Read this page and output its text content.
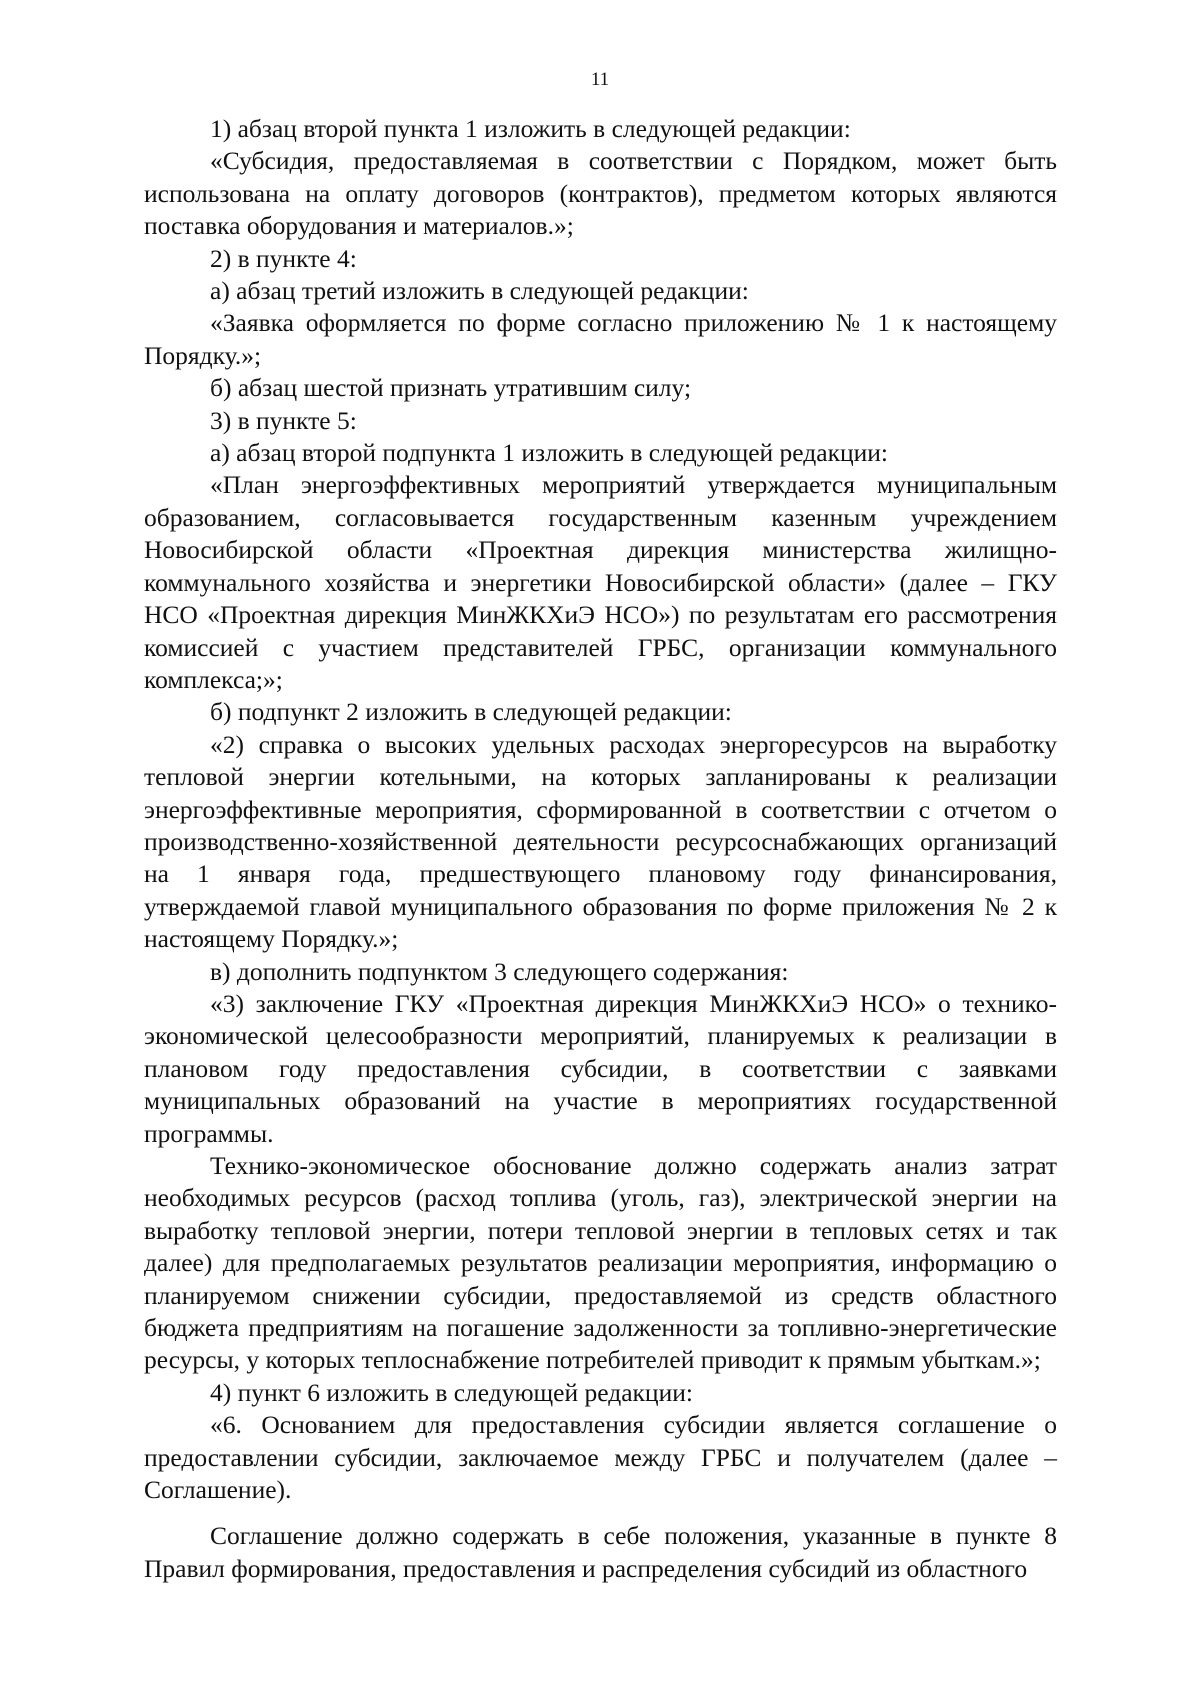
11

1) абзац второй пункта 1 изложить в следующей редакции:

«Субсидия, предоставляемая в соответствии с Порядком, может быть использована на оплату договоров (контрактов), предметом которых являются поставка оборудования и материалов.»;

2) в пункте 4:

а) абзац третий изложить в следующей редакции:

«Заявка оформляется по форме согласно приложению № 1 к настоящему Порядку.»;

б) абзац шестой признать утратившим силу;

3) в пункте 5:

а) абзац второй подпункта 1 изложить в следующей редакции:

«План энергоэффективных мероприятий утверждается муниципальным образованием, согласовывается государственным казенным учреждением Новосибирской области «Проектная дирекция министерства жилищно-коммунального хозяйства и энергетики Новосибирской области» (далее – ГКУ НСО «Проектная дирекция МинЖКХиЭ НСО») по результатам его рассмотрения комиссией с участием представителей ГРБС, организации коммунального комплекса;»;

б) подпункт 2 изложить в следующей редакции:

«2) справка о высоких удельных расходах энергоресурсов на выработку тепловой энергии котельными, на которых запланированы к реализации энергоэффективные мероприятия, сформированной в соответствии с отчетом о производственно-хозяйственной деятельности ресурсоснабжающих организаций на 1 января года, предшествующего плановому году финансирования, утверждаемой главой муниципального образования по форме приложения № 2 к настоящему Порядку.»;

в) дополнить подпунктом 3 следующего содержания:

«3) заключение ГКУ «Проектная дирекция МинЖКХиЭ НСО» о технико-экономической целесообразности мероприятий, планируемых к реализации в плановом году предоставления субсидии, в соответствии с заявками муниципальных образований на участие в мероприятиях государственной программы.

Технико-экономическое обоснование должно содержать анализ затрат необходимых ресурсов (расход топлива (уголь, газ), электрической энергии на выработку тепловой энергии, потери тепловой энергии в тепловых сетях и так далее) для предполагаемых результатов реализации мероприятия, информацию о планируемом снижении субсидии, предоставляемой из средств областного бюджета предприятиям на погашение задолженности за топливно-энергетические ресурсы, у которых теплоснабжение потребителей приводит к прямым убыткам.»;

4) пункт 6 изложить в следующей редакции:

«6. Основанием для предоставления субсидии является соглашение о предоставлении субсидии, заключаемое между ГРБС и получателем (далее – Соглашение).

Соглашение должно содержать в себе положения, указанные в пункте 8 Правил формирования, предоставления и распределения субсидий из областного
